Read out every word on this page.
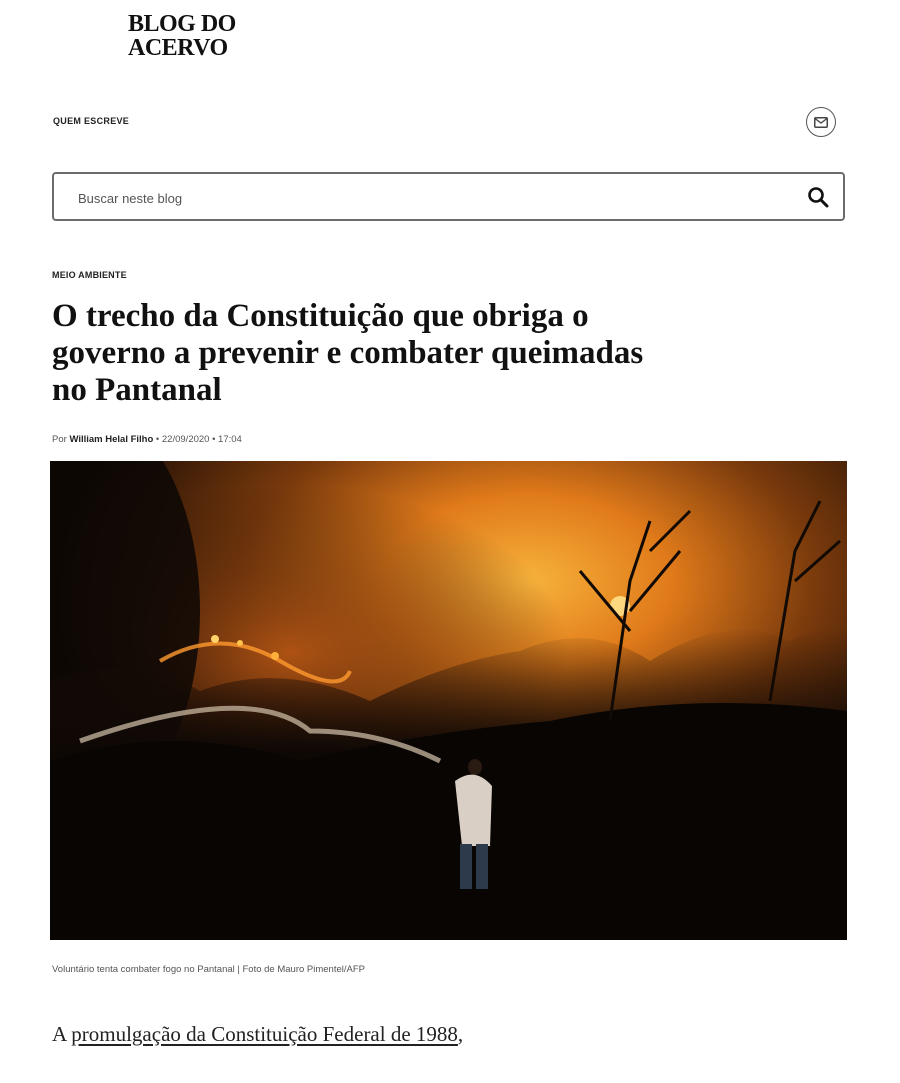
BLOG DO
ACERVO
QUEM ESCREVE
Buscar neste blog
MEIO AMBIENTE
O trecho da Constituição que obriga o governo a prevenir e combater queimadas no Pantanal
Por William Helal Filho • 22/09/2020 • 17:04
Voluntário tenta combater fogo no Pantanal | Foto de Mauro Pimentel/AFP

A promulgação da Constituição Federal de 1988,
